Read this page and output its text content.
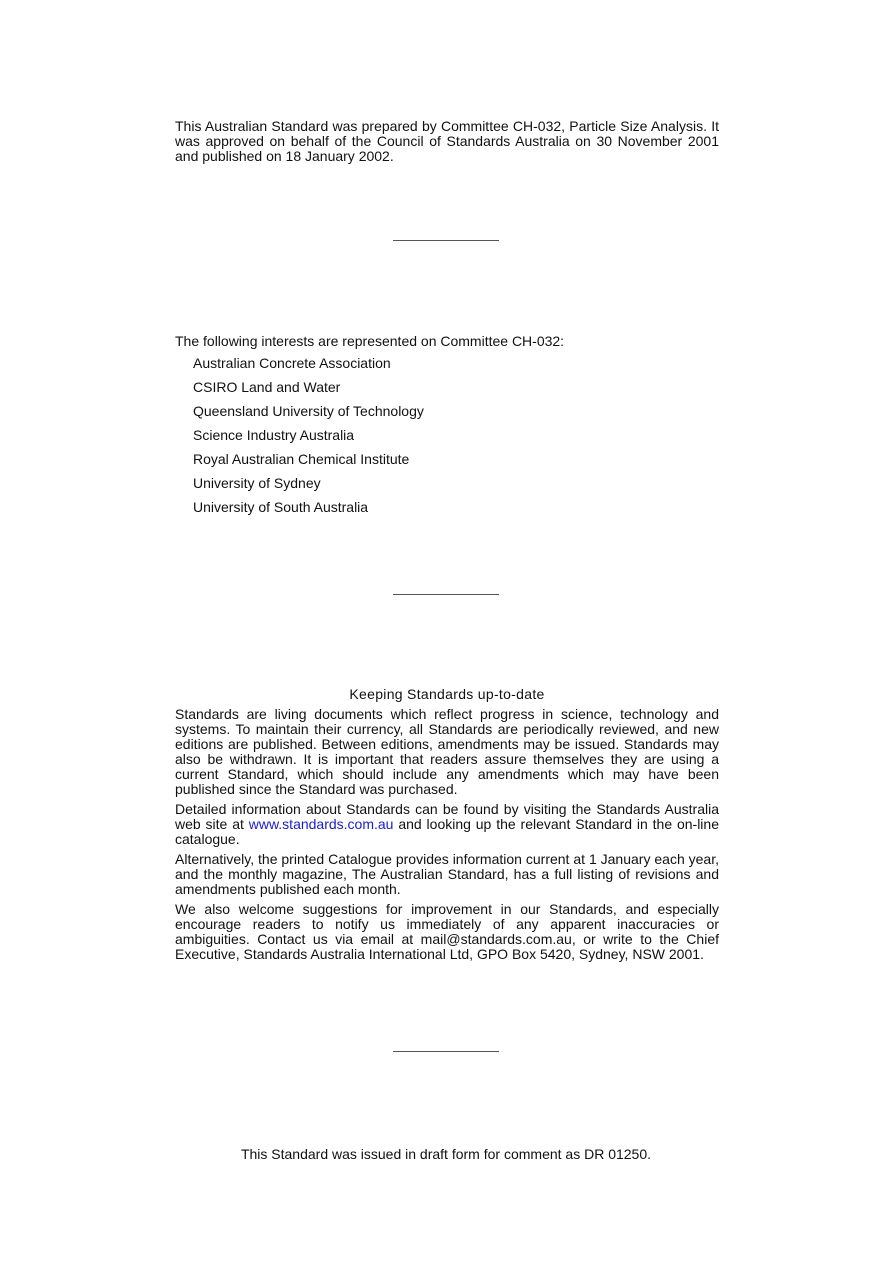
This Australian Standard was prepared by Committee CH-032, Particle Size Analysis. It was approved on behalf of the Council of Standards Australia on 30 November 2001 and published on 18 January 2002.

The following interests are represented on Committee CH-032:

Australian Concrete Association
CSIRO Land and Water
Queensland University of Technology
Science Industry Australia
Royal Australian Chemical Institute
University of Sydney
University of South Australia
Keeping Standards up-to-date

Standards are living documents which reflect progress in science, technology and systems. To maintain their currency, all Standards are periodically reviewed, and new editions are published. Between editions, amendments may be issued. Standards may also be withdrawn. It is important that readers assure themselves they are using a current Standard, which should include any amendments which may have been published since the Standard was purchased.

Detailed information about Standards can be found by visiting the Standards Australia web site at www.standards.com.au and looking up the relevant Standard in the on-line catalogue.

Alternatively, the printed Catalogue provides information current at 1 January each year, and the monthly magazine, The Australian Standard, has a full listing of revisions and amendments published each month.

We also welcome suggestions for improvement in our Standards, and especially encourage readers to notify us immediately of any apparent inaccuracies or ambiguities. Contact us via email at mail@standards.com.au, or write to the Chief Executive, Standards Australia International Ltd, GPO Box 5420, Sydney, NSW 2001.

This Standard was issued in draft form for comment as DR 01250.
